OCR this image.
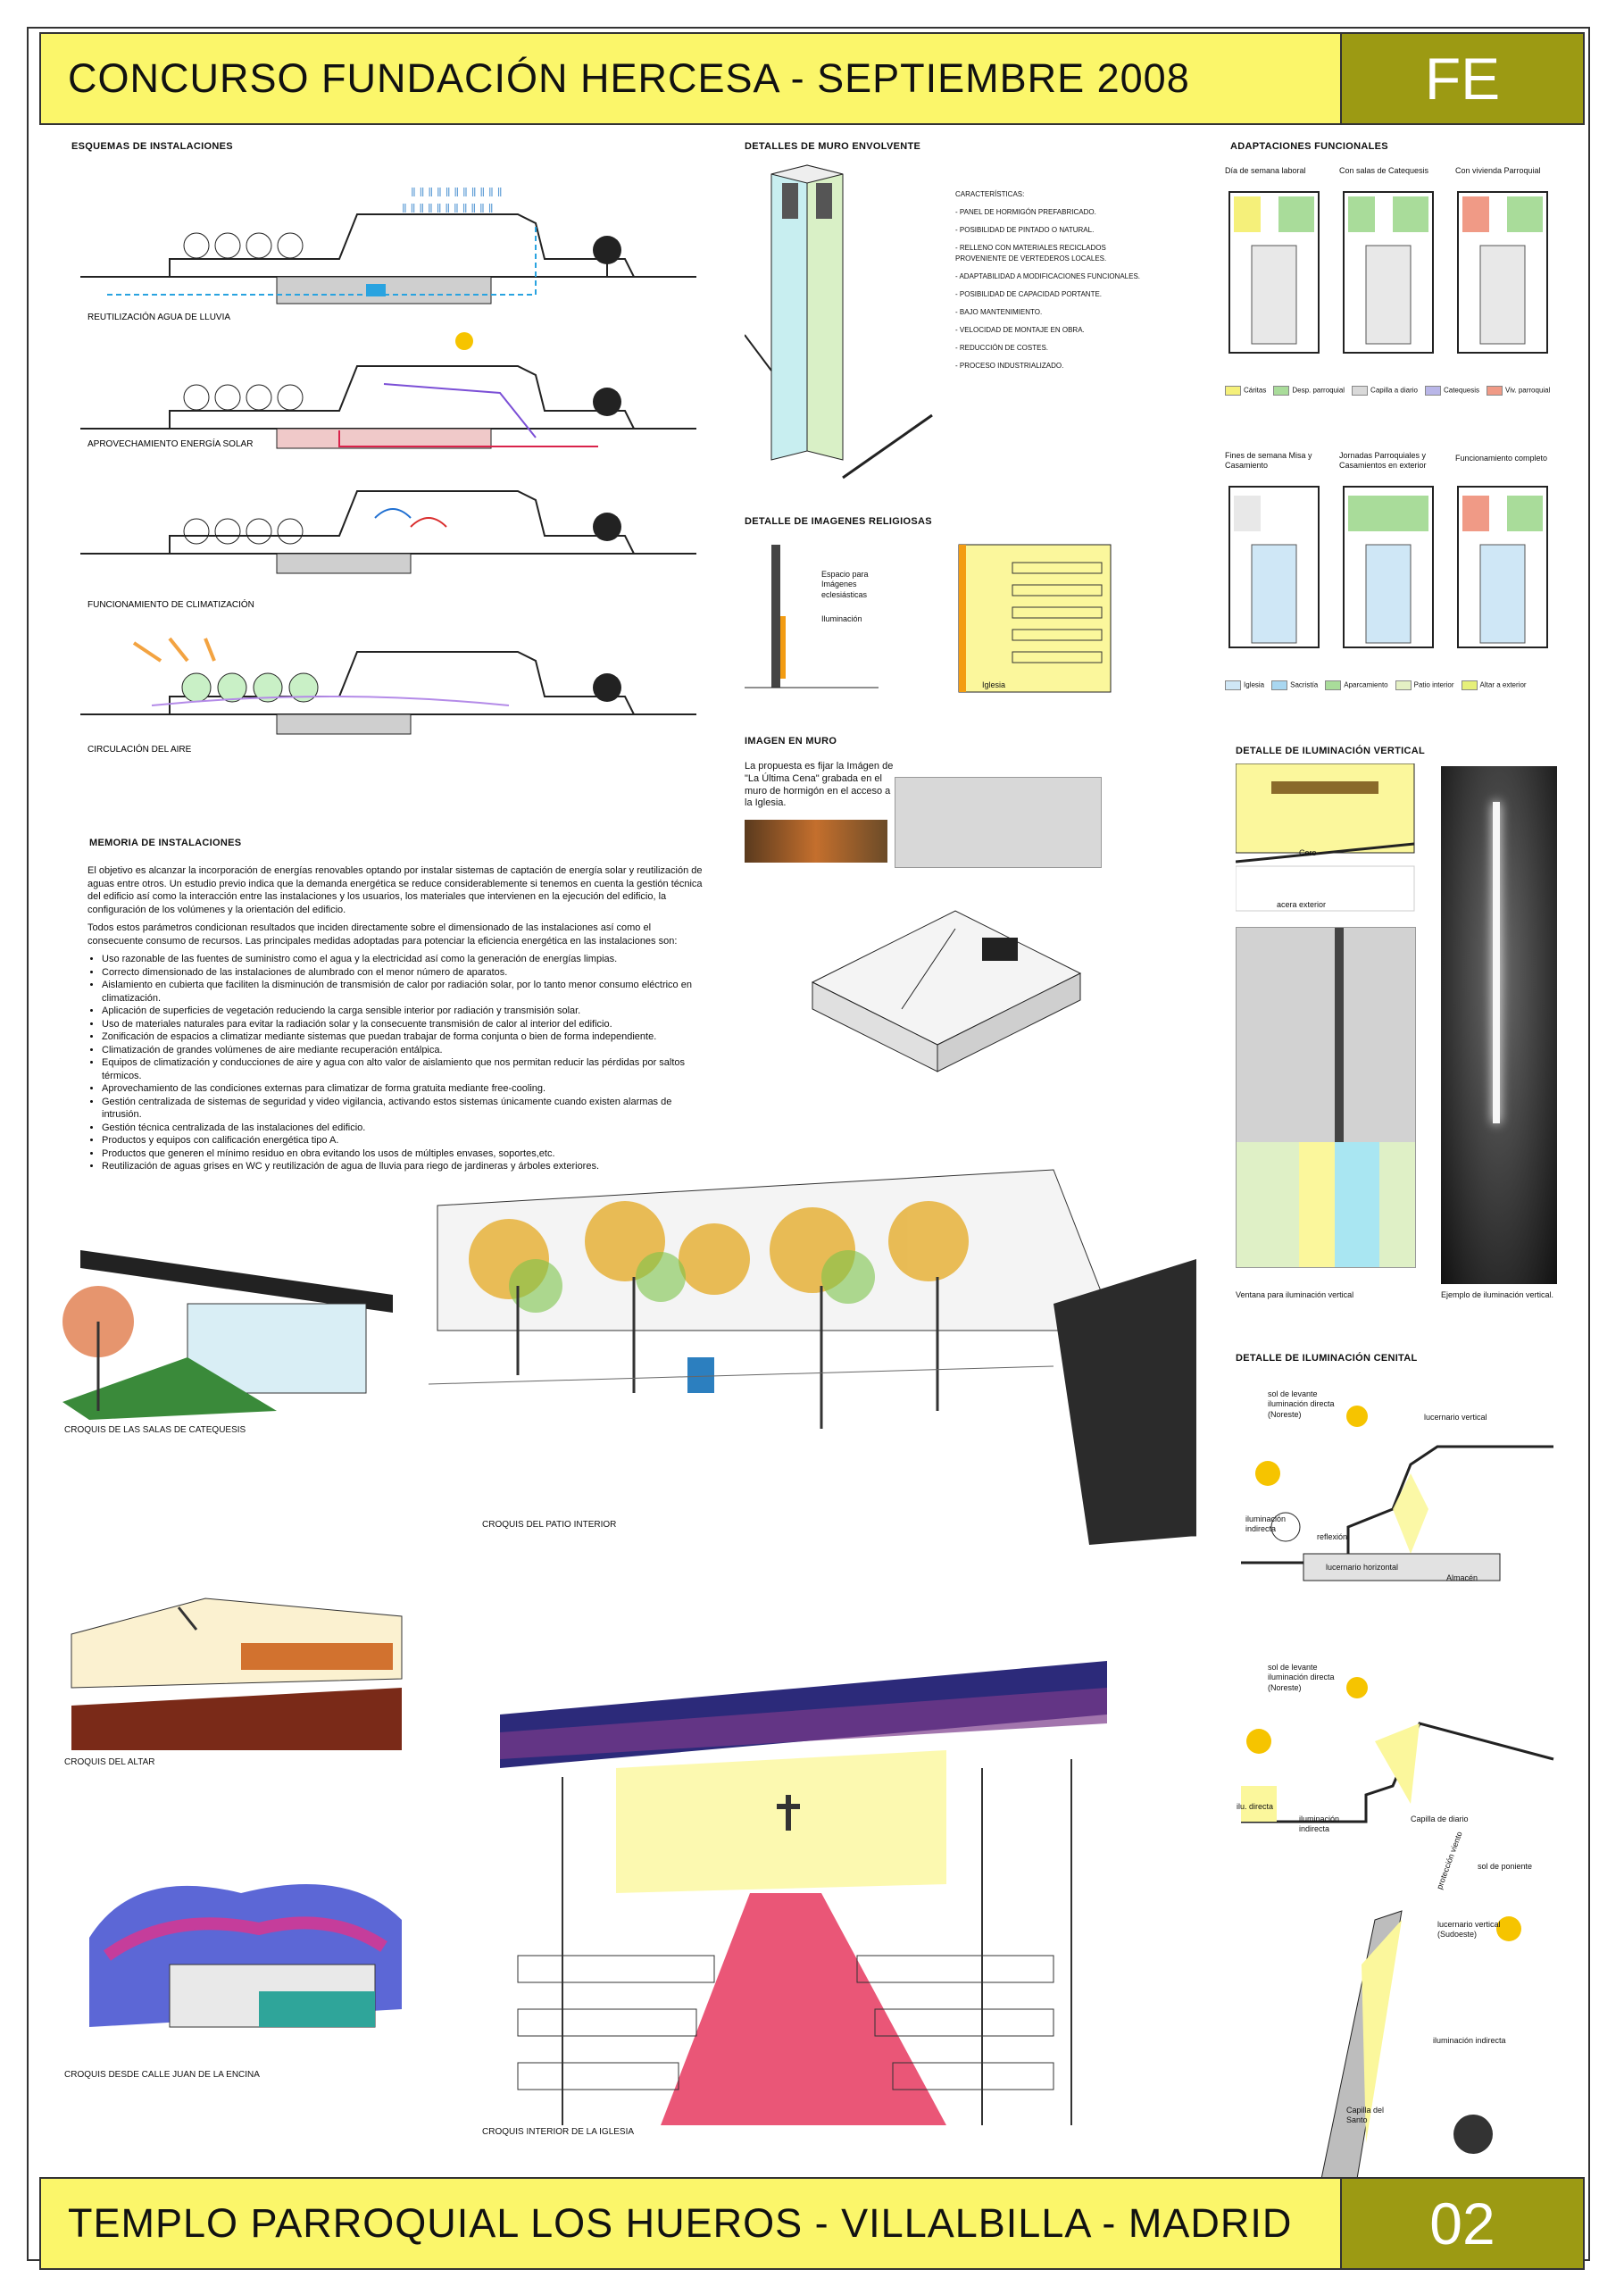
CONCURSO FUNDACIÓN HERCESA - SEPTIEMBRE 2008	FE
ESQUEMAS DE INSTALACIONES
‖ ‖ ‖ ‖ ‖ ‖ ‖ ‖ ‖ ‖ ‖
‖ ‖ ‖ ‖ ‖ ‖ ‖ ‖ ‖ ‖ ‖
REUTILIZACIÓN AGUA DE LLUVIA
APROVECHAMIENTO ENERGÍA SOLAR
FUNCIONAMIENTO DE CLIMATIZACIÓN
CIRCULACIÓN DEL AIRE
MEMORIA DE INSTALACIONES

El objetivo es alcanzar la incorporación de energías renovables optando por instalar sistemas de captación de energía solar y reutilización de aguas entre otros. Un estudio previo indica que la demanda energética se reduce considerablemente si tenemos en cuenta la gestión técnica del edificio así como la interacción entre las instalaciones y los usuarios, los materiales que intervienen en la ejecución del edificio, la configuración de los volúmenes y la orientación del edificio.

Todos estos parámetros condicionan resultados que inciden directamente sobre el dimensionado de las instalaciones así como el consecuente consumo de recursos. Las principales medidas adoptadas para potenciar la eficiencia energética en las instalaciones son:

• Uso razonable de las fuentes de suministro como el agua y la electricidad así como la generación de energías limpias.
• Correcto dimensionado de las instalaciones de alumbrado con el menor número de aparatos.
• Aislamiento en cubierta que faciliten la disminución de transmisión de calor por radiación solar, por lo tanto menor consumo eléctrico en climatización.
• Aplicación de superficies de vegetación reduciendo la carga sensible interior por radiación y transmisión solar.
• Uso de materiales naturales para evitar la radiación solar y la consecuente transmisión de calor al interior del edificio.
• Zonificación de espacios a climatizar mediante sistemas que puedan trabajar de forma conjunta o bien de forma independiente.
• Climatización de grandes volúmenes de aire mediante recuperación entálpica.
• Equipos de climatización y conducciones de aire y agua con alto valor de aislamiento que nos permitan reducir las pérdidas por saltos térmicos.
• Aprovechamiento de las condiciones externas para climatizar de forma gratuita mediante free-cooling.
• Gestión centralizada de sistemas de seguridad y video vigilancia, activando estos sistemas únicamente cuando existen alarmas de intrusión.
• Gestión técnica centralizada de las instalaciones del edificio.
• Productos y equipos con calificación energética tipo A.
• Productos que generen el mínimo residuo en obra evitando los usos de múltiples envases, soportes,etc.
• Reutilización de aguas grises en WC y reutilización de agua de lluvia para riego de jardineras y árboles exteriores.
DETALLES DE MURO ENVOLVENTE
CARACTERÍSTICAS:
- PANEL DE HORMIGÓN PREFABRICADO.
- POSIBILIDAD DE PINTADO O NATURAL.
- RELLENO CON MATERIALES RECICLADOS PROVENIENTE DE VERTEDEROS LOCALES.
- ADAPTABILIDAD A MODIFICACIONES FUNCIONALES.
- POSIBILIDAD DE CAPACIDAD PORTANTE.
- BAJO MANTENIMIENTO.
- VELOCIDAD DE MONTAJE EN OBRA.
- REDUCCIÓN DE COSTES.
- PROCESO INDUSTRIALIZADO.
DETALLE DE IMAGENES RELIGIOSAS
Espacio para Imágenes eclesiásticas
Iluminación
Iglesia
IMAGEN EN MURO
La propuesta es fijar la Imágen de "La Última Cena" grabada en el muro de hormigón en el acceso a la Iglesia.
ADAPTACIONES FUNCIONALES
Día de semana laboral	Con salas de Catequesis	Con vivienda Parroquial
Cáritas	Desp. parroquial	Capilla a diario	Catequesis	Viv. parroquial
Fines de semana Misa y Casamiento
Jornadas Parroquiales y Casamientos en exterior
Funcionamiento completo
Iglesia	Sacristía	Aparcamiento	Patio interior	Altar a exterior
DETALLE DE ILUMINACIÓN VERTICAL
Coro
acera exterior
Ventana para iluminación vertical	Ejemplo de iluminación vertical.
DETALLE DE ILUMINACIÓN CENITAL
sol de levante iluminación directa (Noreste)	lucernario vertical
iluminación indirecta
reflexión
lucernario horizontal
Almacén
sol de levante iluminación directa (Noreste)
ilu. directa
iluminación indirecta
Capilla de diario
sol de poniente
lucernario vertical (Sudoeste)
protección viento
iluminación indirecta
Capilla del Santo
CROQUIS DE LAS SALAS DE CATEQUESIS
CROQUIS DEL PATIO INTERIOR
CROQUIS DEL ALTAR
CROQUIS DESDE CALLE JUAN DE LA ENCINA
CROQUIS INTERIOR DE LA IGLESIA
TEMPLO PARROQUIAL LOS HUEROS - VILLALBILLA - MADRID	02
